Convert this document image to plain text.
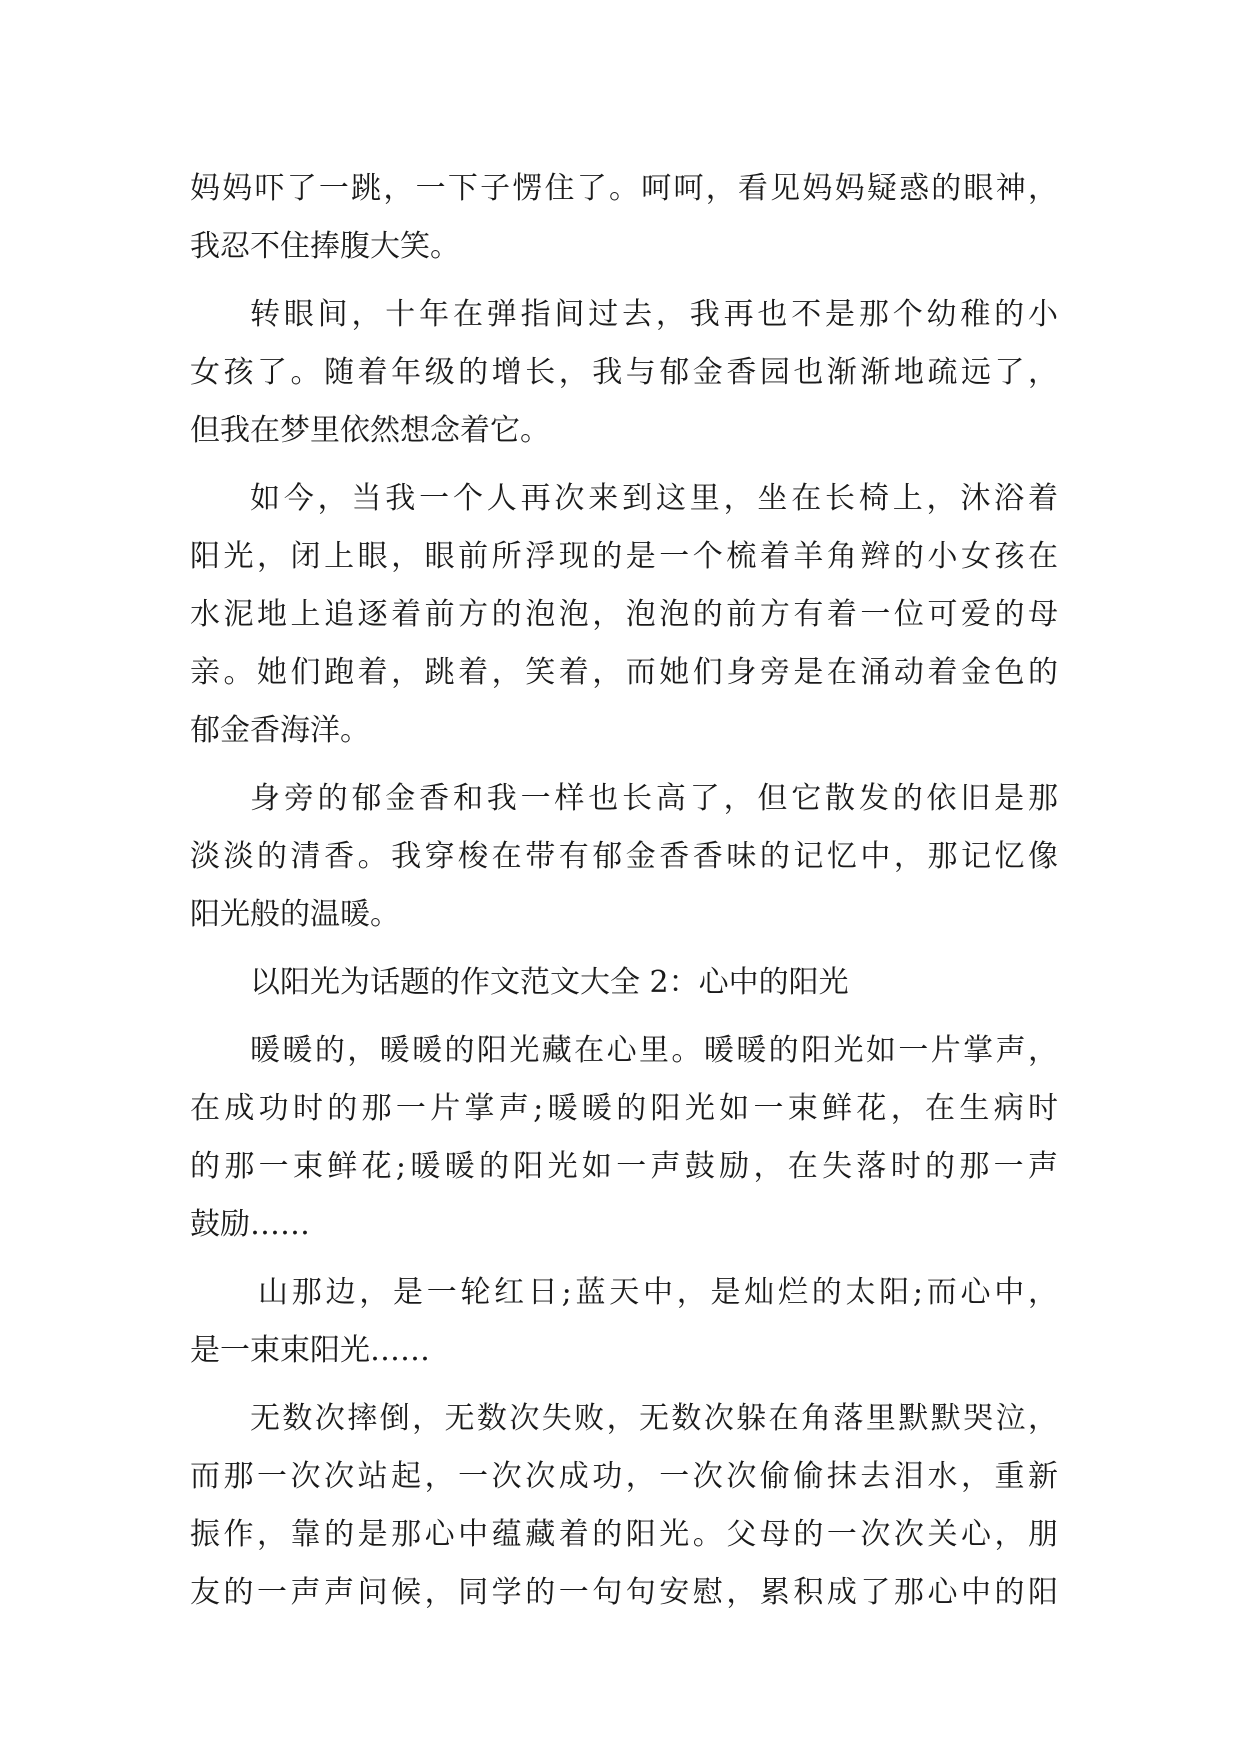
妈妈吓了一跳，一下子愣住了。呵呵，看见妈妈疑惑的眼神，
我忍不住捧腹大笑。
转眼间，十年在弹指间过去，我再也不是那个幼稚的小
女孩了。随着年级的增长，我与郁金香园也渐渐地疏远了，
但我在梦里依然想念着它。
如今，当我一个人再次来到这里，坐在长椅上，沐浴着
阳光，闭上眼，眼前所浮现的是一个梳着羊角辫的小女孩在
水泥地上追逐着前方的泡泡，泡泡的前方有着一位可爱的母
亲。她们跑着，跳着，笑着，而她们身旁是在涌动着金色的
郁金香海洋。
身旁的郁金香和我一样也长高了，但它散发的依旧是那
淡淡的清香。我穿梭在带有郁金香香味的记忆中，那记忆像
阳光般的温暖。
以阳光为话题的作文范文大全 2：心中的阳光
暖暖的，暖暖的阳光藏在心里。暖暖的阳光如一片掌声，
在成功时的那一片掌声;暖暖的阳光如一束鲜花，在生病时
的那一束鲜花;暖暖的阳光如一声鼓励，在失落时的那一声
鼓励……
山那边，是一轮红日;蓝天中，是灿烂的太阳;而心中，
是一束束阳光……
无数次摔倒，无数次失败，无数次躲在角落里默默哭泣，
而那一次次站起，一次次成功，一次次偷偷抹去泪水，重新
振作，靠的是那心中蕴藏着的阳光。父母的一次次关心，朋
友的一声声问候，同学的一句句安慰，累积成了那心中的阳
